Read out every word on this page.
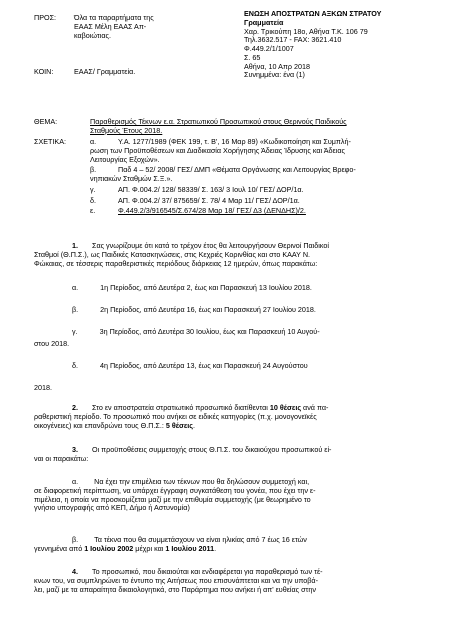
ΠΡΟΣ: Όλα τα παραρτήματα της
ΕΑΑΣ Μέλη ΕΑΑΣ Απ-
καβοιώτιας.
ΚΟΙΝ:	ΕΑΑΣ/ Γραμματεία.
ΕΝΩΣΗ ΑΠΟΣΤΡΑΤΩΝ ΑΞΚΩΝ ΣΤΡΑΤΟΥ
Γραμματεία
Χαρ. Τρικούπη 18ο, Αθήνα Τ.Κ. 106 79
Τηλ.3632.517 - FAX: 3621.410
Φ.449.2/1/1007
Σ. 65
Αθήνα, 10 Απρ 2018
Συνημμένα: ένα (1)
ΘΕΜΑ:	Παραθερισμός Τέκνων ε.α. Στρατιωτικού Προσωπικού στους Θερινούς Παιδικούς
Σταθμούς Έτους 2018.
ΣΧΕΤΙΚΑ:	α.	Υ.Α. 1277/1989 (ΦΕΚ 199, τ. Β', 16 Μαρ 89) «Κωδικοποίηση και Συμπλή-
ρωση των Προϋποθέσεων και Διαδικασία Χορήγησης Άδειας Ίδρυσης και Άδειας
Λειτουργίας Εξοχών».
β.	Παδ 4 – 52/ 2008/ ΓΕΣ/ ΔΜΠ «Θέματα Οργάνωσης και Λειτουργίας Βρεφο-
νηπιακών Σταθμών Σ.Ξ.».
γ.	ΑΠ. Φ.004.2/ 128/ 58339/ Σ. 163/ 3 Ιουλ 10/ ΓΕΣ/ ΔΟΡ/1α.
δ.	ΑΠ. Φ.004.2/ 37/ 875659/ Σ. 78/ 4 Μαρ 11/ ΓΕΣ/ ΔΟΡ/1α.
ε.	Φ.449.2/3/916545/Σ.674/28 Μαρ 18/ ΓΕΣ/ Δ3 (ΔΕΝΔΗΣ)/2.
1. Σας γνωρίζουμε ότι κατά το τρέχον έτος θα λειτουργήσουν Θερινοί Παιδικοί
Σταθμοί (Θ.Π.Σ.), ως Παιδικές Κατασκηνώσεις, στις Κεχριές Κορινθίας και στο ΚΑΑΥ Ν.
Φώκαιας, σε τέσσερις παραθεριστικές περιόδους διάρκειας 12 ημερών, όπως παρακάτω:
α.	1η Περίοδος, από Δευτέρα 2, έως και Παρασκευή 13 Ιουλίου 2018.
β.	2η Περίοδος, από Δευτέρα 16, έως και Παρασκευή 27 Ιουλίου 2018.
γ.	3η Περίοδος, από Δευτέρα 30 Ιουλίου, έως και Παρασκευή 10 Αυγού-
στου 2018.
δ.	4η Περίοδος, από Δευτέρα 13, έως και Παρασκευή 24 Αυγούστου
2018.
2. Στο εν αποστρατεία στρατιωτικό προσωπικό διατίθενται 10 θέσεις ανά πα-
ραθεριστική περίοδο. Το προσωπικό που ανήκει σε ειδικές κατηγορίες (π.χ. μονογονεϊκές
οικογένειες) και επανδρώνει τους Θ.Π.Σ.: 5 θέσεις.
3. Οι προϋποθέσεις συμμετοχής στους Θ.Π.Σ. του δικαιούχου προσωπικού εί-
ναι οι παρακάτω:
α. Να έχει την επιμέλεια των τέκνων που θα δηλώσουν συμμετοχή και,
σε διαφορετική περίπτωση, να υπάρχει έγγραφη συγκατάθεση του γονέα, που έχει την ε-
πιμέλεια, η οποία να προσκομίζεται μαζί με την επιθυμία συμμετοχής (με θεωρημένο το
γνήσιο υπογραφής από ΚΕΠ, Δήμο ή Αστυνομία)
β. Τα τέκνα που θα συμμετάσχουν να είναι ηλικίας από 7 έως 16 ετών
γεννημένα από 1 Ιουλίου 2002 μέχρι και 1 Ιουλίου 2011.
4. Το προσωπικό, που δικαιούται και ενδιαφέρεται για παραθερισμό των τέ-
κνων του, να συμπληρώνει το έντυπο της Αιτήσεως που επισυνάπτεται και να την υποβά-
λει, μαζί με τα απαραίτητα δικαιολογητικά, στο Παράρτημα που ανήκει ή απ' ευθείας στην
